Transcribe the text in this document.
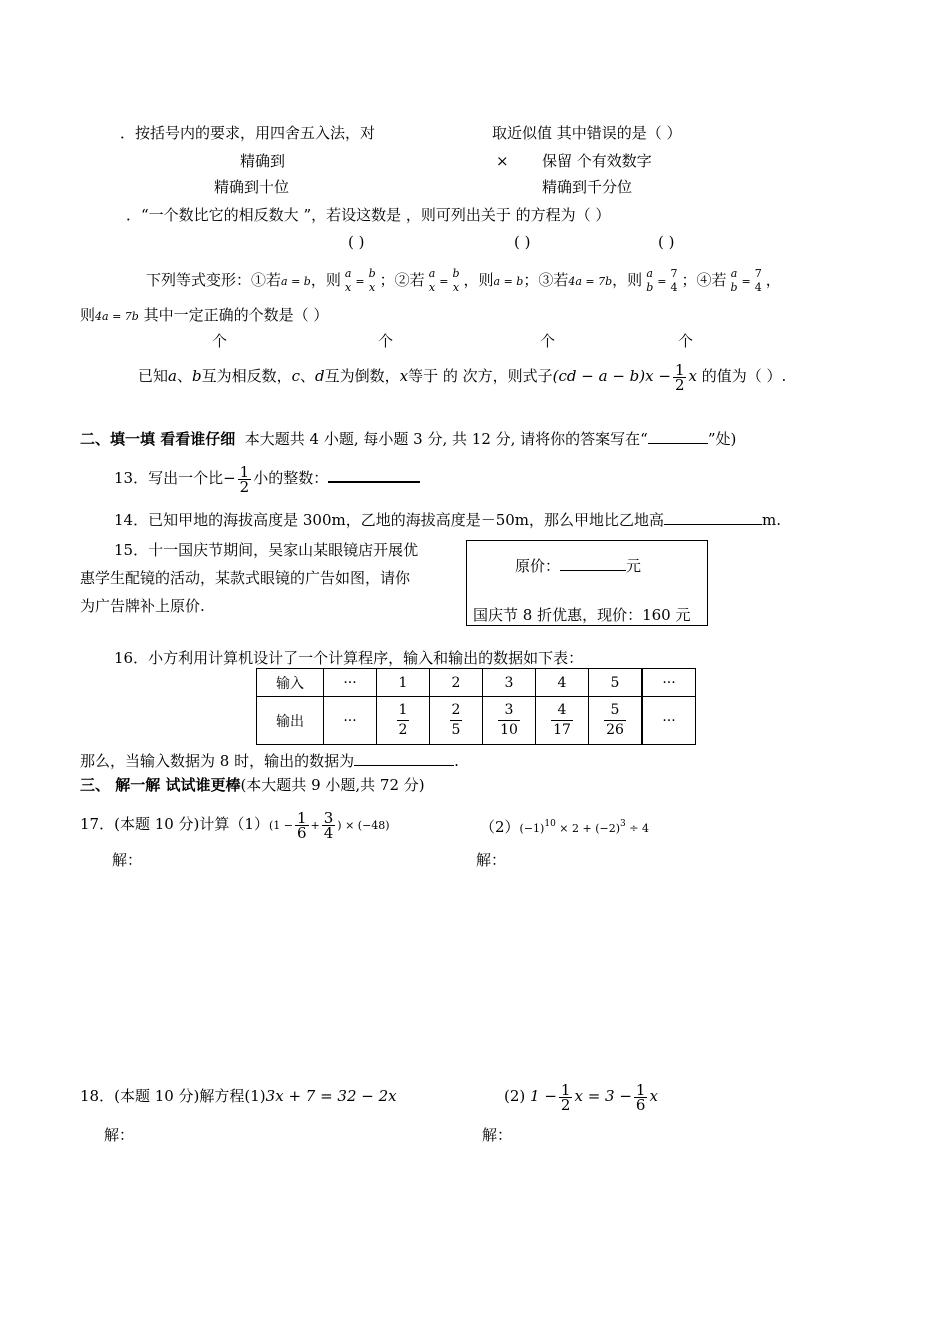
．按括号内的要求，用四舍五入法，对	取近似值 其中错误的是（ ）
精确到	× 保留 个有效数字
精确到十位	精确到千分位
．“一个数比它的相反数大 ”，若设这数是 ，则可列出关于 的方程为（ ）
( )	( )	( )
下列等式变形：①若a = b，则 a
x =
b
x ；②若 a
x =
b
x ，则a = b；③若4a = 7b，则 a
b =
7
4 ；④若 a
b =
7
4 ，
则4a = 7b 其中一定正确的个数是（ ）
个	个	个	个
已知a、b互为相反数，c、d互为倒数，x等于 的 次方，则式子$(cd - a - b)x - \frac{1}{2}$ x 的值为（ ）.
二、填一填 看看谁仔细 本大题共 4 小题, 每小题 3 分, 共 12 分, 请将你的答案写在“	”处)
13．写出一个比− $\frac{1}{2}$ 小的整数：
14．已知甲地的海拔高度是 300m，乙地的海拔高度是－50m，那么甲地比乙地高	m.
15．十一国庆节期间，吴家山某眼镜店开展优
惠学生配镜的活动，某款式眼镜的广告如图，请你
为广告牌补上原价.
原价：	元
国庆节 8 折优惠，现价：160 元
16．小方利用计算机设计了一个计算程序，输入和输出的数据如下表：
输入	···	1	2	3	4	5	···
输出	···	$\frac{1}{2}$	$\frac{2}{5}$	$\frac{3}{10}$	$\frac{4}{17}$	$\frac{5}{26}$	···
那么，当输入数据为 8 时，输出的数据为	.
三、 解一解 试试谁更棒(本大题共 9 小题,共 72 分)
17．(本题 10 分)计算$(1)(1 - \frac{1}{6} + \frac{3}{4}$ ) × (−48)	$(2)(-1)^{10} \times 2 + (-2)^3 \div 4$
解：	解：
18．(本题 10 分)解方程(1)3x + 7 = 32 − 2x	(2) $1 - \frac{1}{2}$ $x = 3 - \frac{1}{6}$ x
解：	解：
